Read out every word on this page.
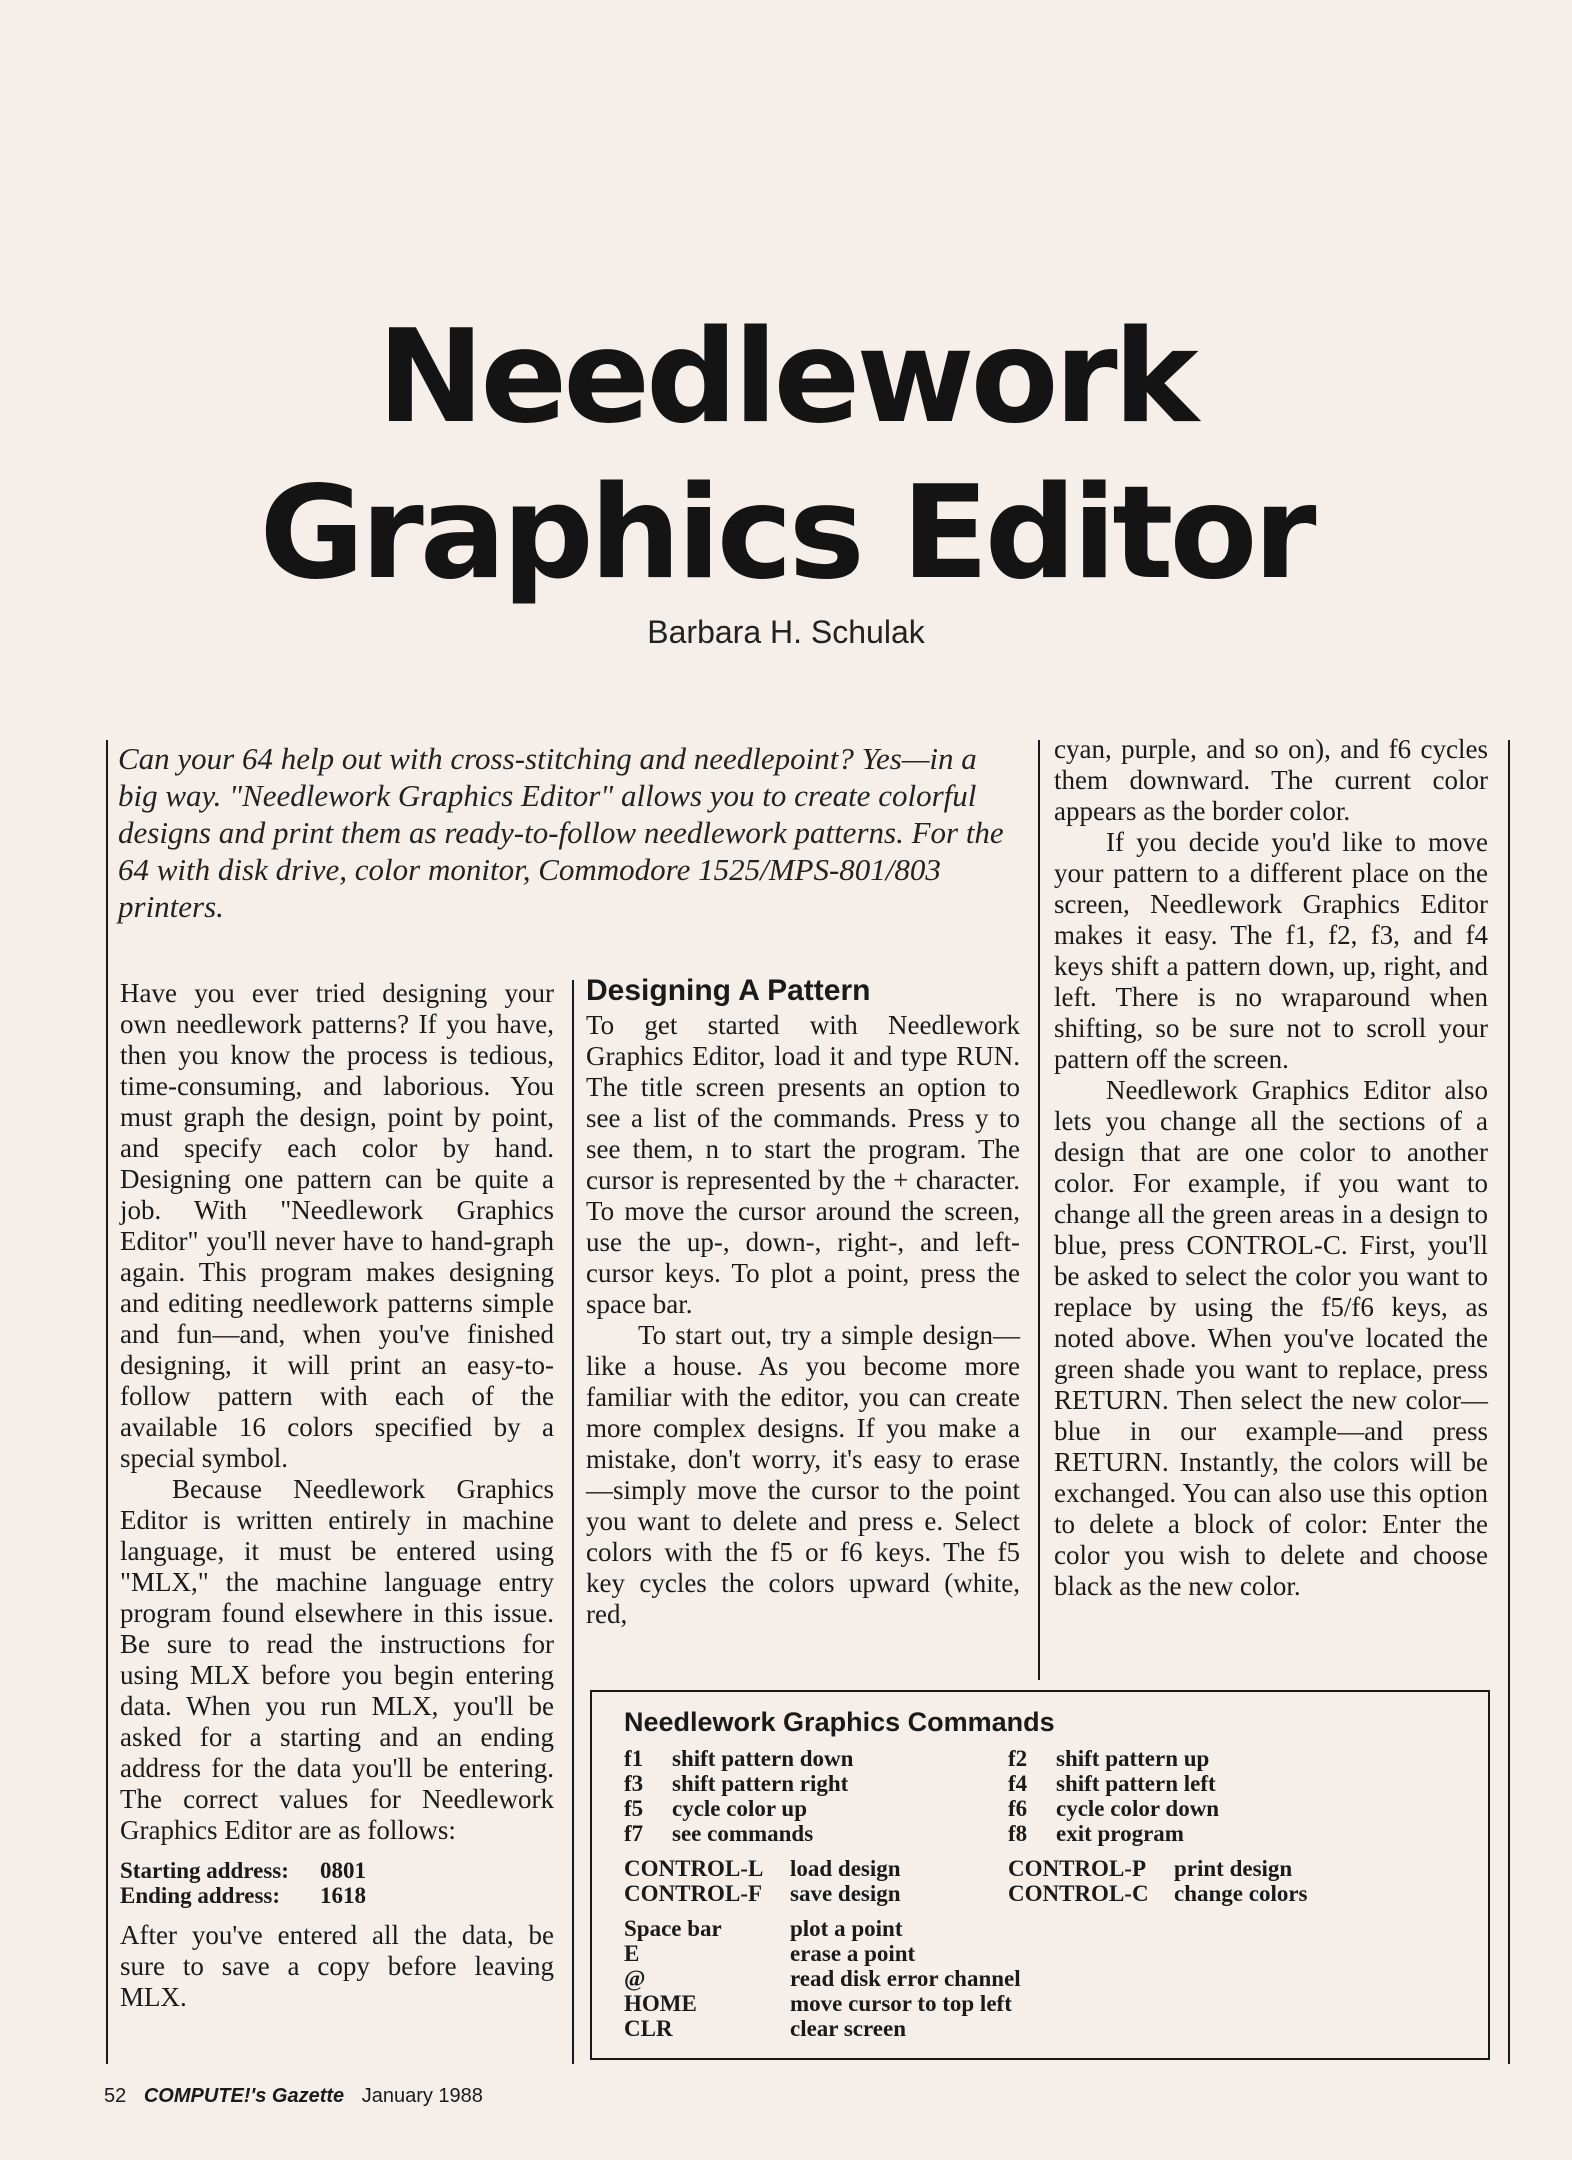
Needlework
Graphics Editor
Barbara H. Schulak
Can your 64 help out with cross-stitching and needlepoint? Yes—in a big way. "Needlework Graphics Editor" allows you to create colorful designs and print them as ready-to-follow needlework patterns. For the 64 with disk drive, color monitor, Commodore 1525/MPS-801/803 printers.

Have you ever tried designing your own needlework patterns? If you have, then you know the process is tedious, time-consuming, and laborious. You must graph the design, point by point, and specify each color by hand. Designing one pattern can be quite a job. With "Needlework Graphics Editor" you'll never have to hand-graph again. This program makes designing and editing needlework patterns simple and fun—and, when you've finished designing, it will print an easy-to-follow pattern with each of the available 16 colors specified by a special symbol.

Because Needlework Graphics Editor is written entirely in machine language, it must be entered using "MLX," the machine language entry program found elsewhere in this issue. Be sure to read the instructions for using MLX before you begin entering data. When you run MLX, you'll be asked for a starting and an ending address for the data you'll be entering. The correct values for Needlework Graphics Editor are as follows:

Starting address:	0801
Ending address:	1618

After you've entered all the data, be sure to save a copy before leaving MLX.

Designing A Pattern

To get started with Needlework Graphics Editor, load it and type RUN. The title screen presents an option to see a list of the commands. Press y to see them, n to start the program. The cursor is represented by the + character. To move the cursor around the screen, use the up-, down-, right-, and left-cursor keys. To plot a point, press the space bar.

To start out, try a simple design—like a house. As you become more familiar with the editor, you can create more complex designs. If you make a mistake, don't worry, it's easy to erase—simply move the cursor to the point you want to delete and press e. Select colors with the f5 or f6 keys. The f5 key cycles the colors upward (white, red,

cyan, purple, and so on), and f6 cycles them downward. The current color appears as the border color.

If you decide you'd like to move your pattern to a different place on the screen, Needlework Graphics Editor makes it easy. The f1, f2, f3, and f4 keys shift a pattern down, up, right, and left. There is no wraparound when shifting, so be sure not to scroll your pattern off the screen.

Needlework Graphics Editor also lets you change all the sections of a design that are one color to another color. For example, if you want to change all the green areas in a design to blue, press CONTROL-C. First, you'll be asked to select the color you want to replace by using the f5/f6 keys, as noted above. When you've located the green shade you want to replace, press RETURN. Then select the new color—blue in our example—and press RETURN. Instantly, the colors will be exchanged. You can also use this option to delete a block of color: Enter the color you wish to delete and choose black as the new color.

Needlework Graphics Commands
f1	shift pattern down	f2	shift pattern up
f3	shift pattern right	f4	shift pattern left
f5	cycle color up	f6	cycle color down
f7	see commands	f8	exit program
CONTROL-L	load design	CONTROL-P	print design
CONTROL-F	save design	CONTROL-C	change colors
Space bar	plot a point
E	erase a point
@	read disk error channel
HOME	move cursor to top left
CLR	clear screen
52 COMPUTE!'s Gazette January 1988
